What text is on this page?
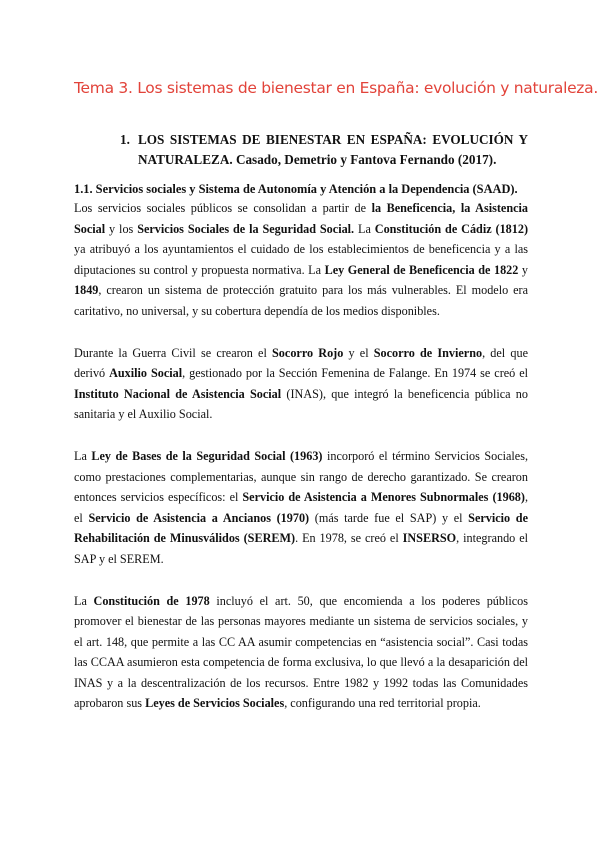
Tema 3. Los sistemas de bienestar en España: evolución y naturaleza.
1. LOS SISTEMAS DE BIENESTAR EN ESPAÑA: EVOLUCIÓN Y NATURALEZA. Casado, Demetrio y Fantova Fernando (2017).
1.1. Servicios sociales y Sistema de Autonomía y Atención a la Dependencia (SAAD).

Los servicios sociales públicos se consolidan a partir de la Beneficencia, la Asistencia Social y los Servicios Sociales de la Seguridad Social. La Constitución de Cádiz (1812) ya atribuyó a los ayuntamientos el cuidado de los establecimientos de beneficencia y a las diputaciones su control y propuesta normativa. La Ley General de Beneficencia de 1822 y 1849, crearon un sistema de protección gratuito para los más vulnerables. El modelo era caritativo, no universal, y su cobertura dependía de los medios disponibles.

Durante la Guerra Civil se crearon el Socorro Rojo y el Socorro de Invierno, del que derivó Auxilio Social, gestionado por la Sección Femenina de Falange. En 1974 se creó el Instituto Nacional de Asistencia Social (INAS), que integró la beneficencia pública no sanitaria y el Auxilio Social.

La Ley de Bases de la Seguridad Social (1963) incorporó el término Servicios Sociales, como prestaciones complementarias, aunque sin rango de derecho garantizado. Se crearon entonces servicios específicos: el Servicio de Asistencia a Menores Subnormales (1968), el Servicio de Asistencia a Ancianos (1970) (más tarde fue el SAP) y el Servicio de Rehabilitación de Minusválidos (SEREM). En 1978, se creó el INSERSO, integrando el SAP y el SEREM.

La Constitución de 1978 incluyó el art. 50, que encomienda a los poderes públicos promover el bienestar de las personas mayores mediante un sistema de servicios sociales, y el art. 148, que permite a las CC AA asumir competencias en “asistencia social”. Casi todas las CCAA asumieron esta competencia de forma exclusiva, lo que llevó a la desaparición del INAS y a la descentralización de los recursos. Entre 1982 y 1992 todas las Comunidades aprobaron sus Leyes de Servicios Sociales, configurando una red territorial propia.
